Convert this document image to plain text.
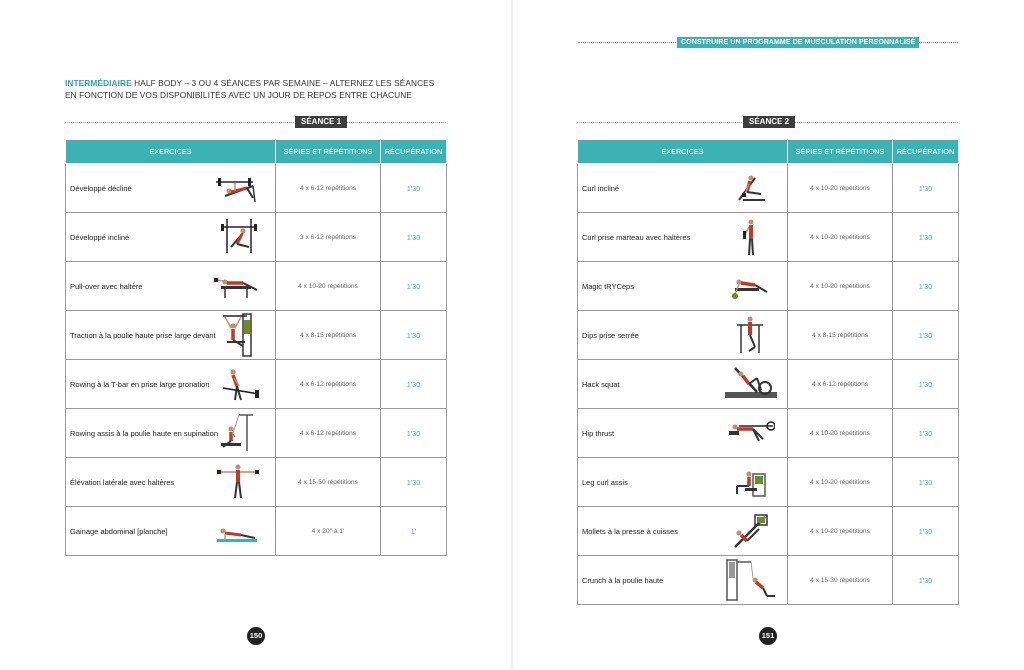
CONSTRUIRE UN PROGRAMME DE MUSCULATION PERSONNALISÉ
INTERMÉDIAIRE HALF BODY – 3 OU 4 SÉANCES PAR SEMAINE – ALTERNEZ LES SÉANCES EN FONCTION DE VOS DISPONIBILITÉS AVEC UN JOUR DE REPOS ENTRE CHACUNE
SÉANCE 1
EXERCICES	SÉRIES ET RÉPÉTITIONS	RÉCUPÉRATION
Développé décliné	4 x 6-12 répétitions	1'30
Développé incliné	3 x 6-12 répétitions	1'30
Pull-over avec haltère	4 x 10-20 répétitions	1'30
Traction à la poulie haute prise large devant	4 x 8-15 répétitions	1'30
Rowing à la T-bar en prise large pronation	4 x 6-12 répétitions	1'30
Rowing assis à la poulie haute en supination	4 x 6-12 répétitions	1'30
Élévation latérale avec haltères	4 x 15-50 répétitions	1'30
Gainage abdominal [planche]	4 x 20'' à 1'	1'
SÉANCE 2
EXERCICES	SÉRIES ET RÉPÉTITIONS	RÉCUPÉRATION
Curl incliné	4 x 10-20 répétitions	1'30
Curl prise marteau avec haltères	4 x 10-20 répétitions	1'30
Magic tRYCeps	4 x 10-20 répétitions	1'30
Dips prise serrée	4 x 8-15 répétitions	1'30
Hack squat	4 x 6-12 répétitions	1'30
Hip thrust	4 x 10-20 répétitions	1'30
Leg curl assis	4 x 10-20 répétitions	1'30
Mollets à la presse à cuisses	4 x 10-20 répétitions	1'30
Crunch à la poulie haute	4 x 15-30 répétitions	1'30
150	151
